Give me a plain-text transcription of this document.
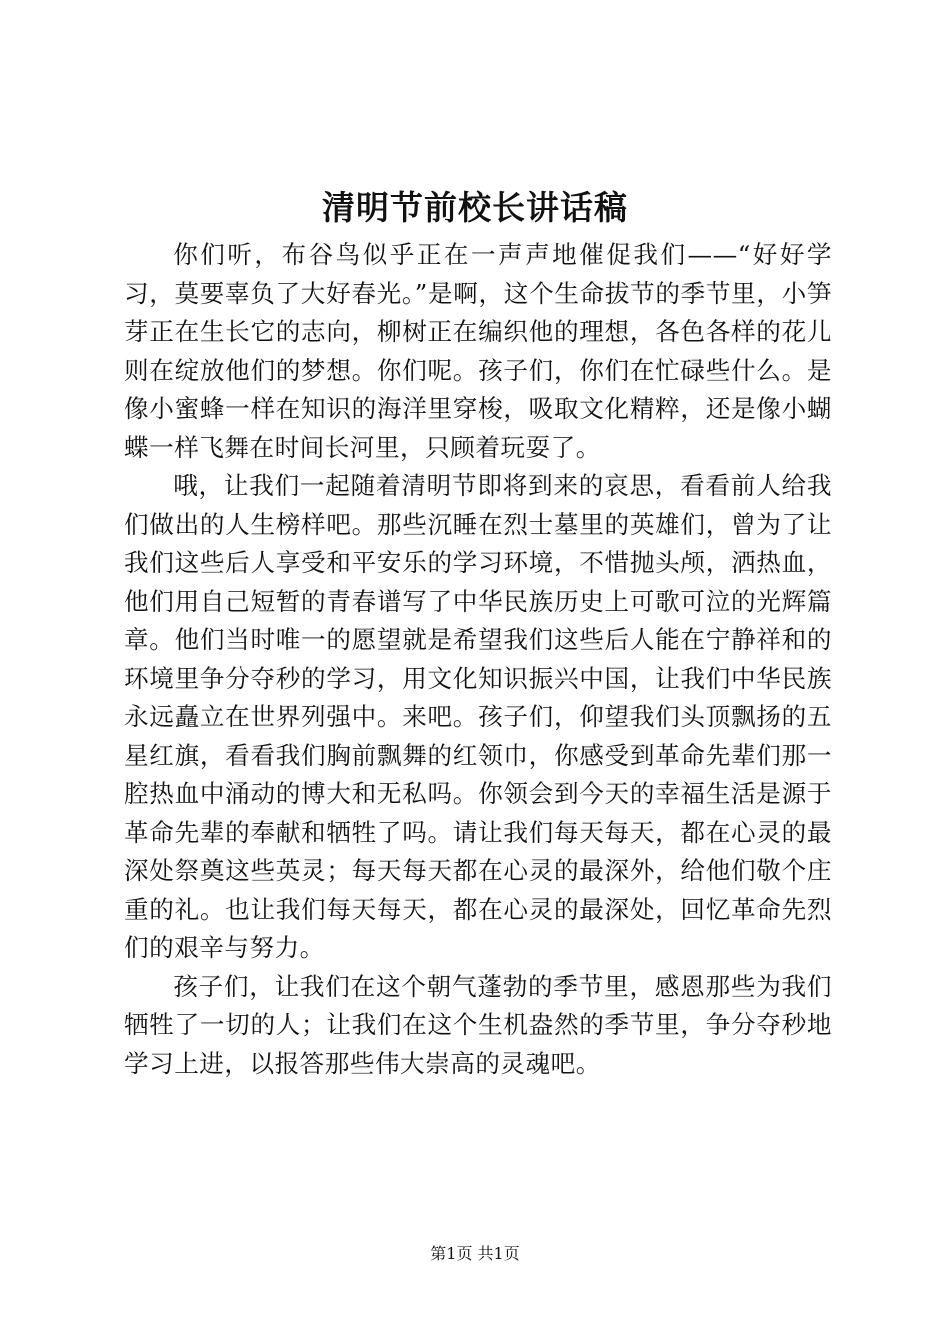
清明节前校长讲话稿

你们听，布谷鸟似乎正在一声声地催促我们——“好好学习，莫要辜负了大好春光。”是啊，这个生命拔节的季节里，小笋芽正在生长它的志向，柳树正在编织他的理想，各色各样的花儿则在绽放他们的梦想。你们呢。孩子们，你们在忙碌些什么。是像小蜜蜂一样在知识的海洋里穿梭，吸取文化精粹，还是像小蝴蝶一样飞舞在时间长河里，只顾着玩耍了。

哦，让我们一起随着清明节即将到来的哀思，看看前人给我们做出的人生榜样吧。那些沉睡在烈士墓里的英雄们，曾为了让我们这些后人享受和平安乐的学习环境，不惜抛头颅，洒热血，他们用自己短暂的青春谱写了中华民族历史上可歌可泣的光辉篇章。他们当时唯一的愿望就是希望我们这些后人能在宁静祥和的环境里争分夺秒的学习，用文化知识振兴中国，让我们中华民族永远矗立在世界列强中。来吧。孩子们，仰望我们头顶飘扬的五星红旗，看看我们胸前飘舞的红领巾，你感受到革命先辈们那一腔热血中涌动的博大和无私吗。你领会到今天的幸福生活是源于革命先辈的奉献和牺牲了吗。请让我们每天每天，都在心灵的最深处祭奠这些英灵；每天每天都在心灵的最深外，给他们敬个庄重的礼。也让我们每天每天，都在心灵的最深处，回忆革命先烈们的艰辛与努力。

孩子们，让我们在这个朝气蓬勃的季节里，感恩那些为我们牺牲了一切的人；让我们在这个生机盎然的季节里，争分夺秒地学习上进，以报答那些伟大崇高的灵魂吧。

第1页 共1页
